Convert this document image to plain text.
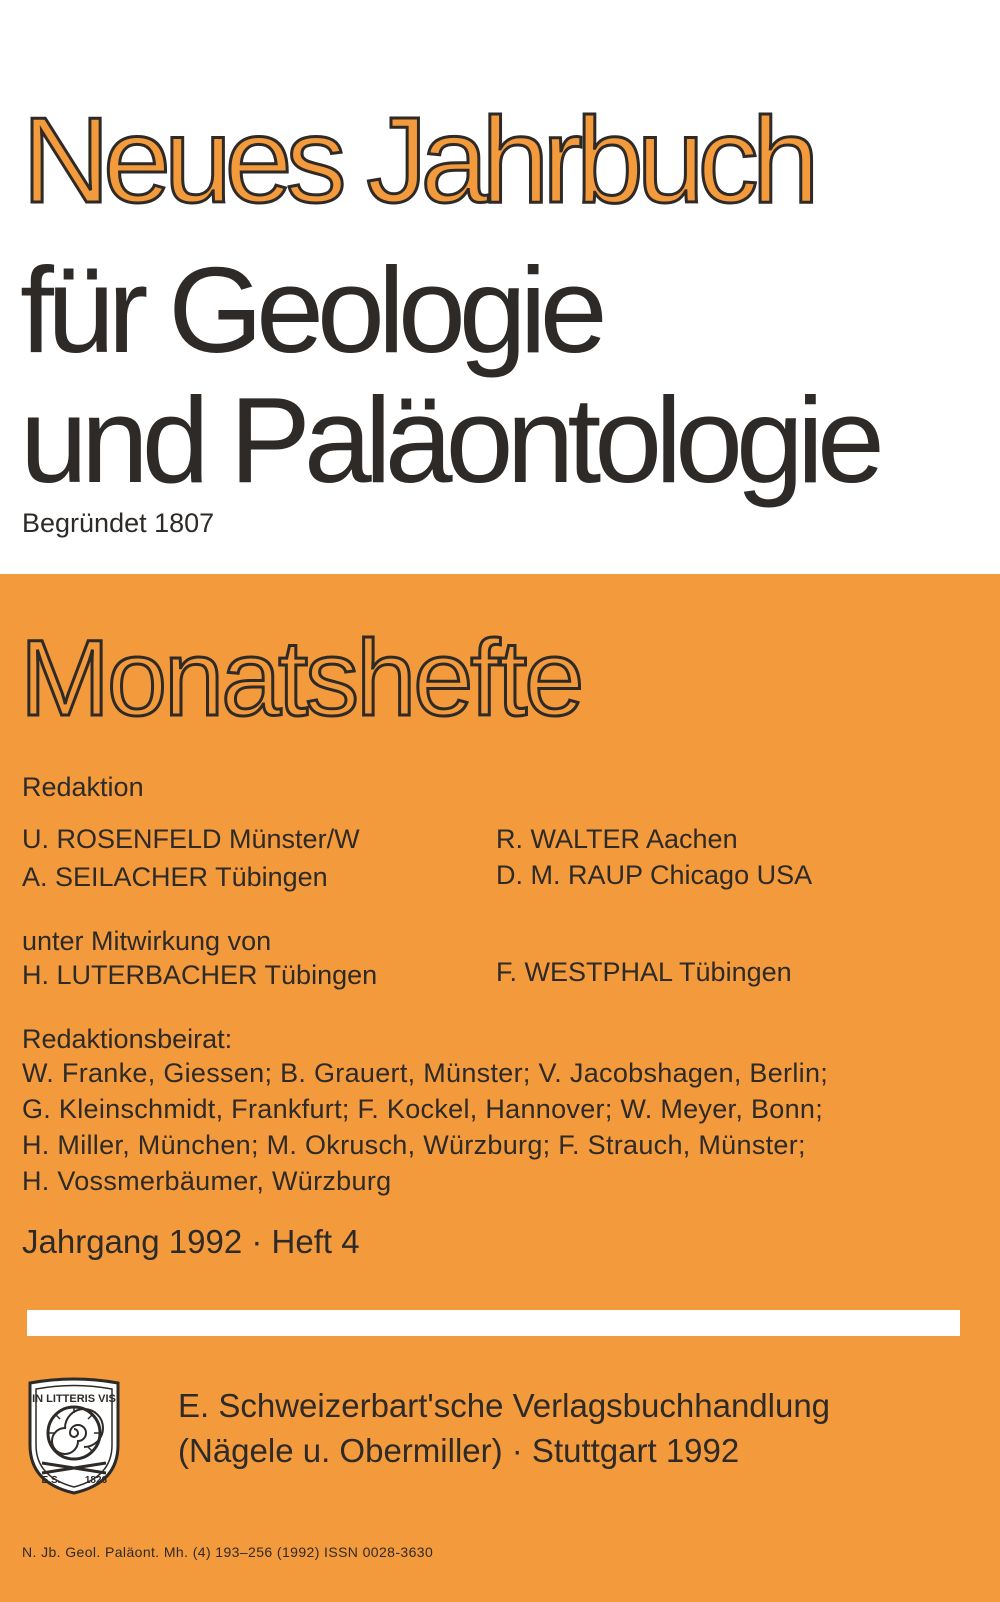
Neues Jahrbuch
für Geologie
und Paläontologie
Begründet 1807
Monatshefte
Redaktion
U. ROSENFELD Münster/W
A. SEILACHER Tübingen
R. WALTER Aachen
D. M. RAUP Chicago USA
unter Mitwirkung von
H. LUTERBACHER Tübingen	F. WESTPHAL Tübingen
Redaktionsbeirat:
W. Franke, Giessen; B. Grauert, Münster; V. Jacobshagen, Berlin;
G. Kleinschmidt, Frankfurt; F. Kockel, Hannover; W. Meyer, Bonn;
H. Miller, München; M. Okrusch, Würzburg; F. Strauch, Münster;
H. Vossmerbäumer, Würzburg
Jahrgang 1992 · Heft 4
IN LITTERIS VIS
E.S. 1826
E. Schweizerbart'sche Verlagsbuchhandlung
(Nägele u. Obermiller) · Stuttgart 1992
N. Jb. Geol. Paläont. Mh. (4) 193–256 (1992) ISSN 0028-3630
